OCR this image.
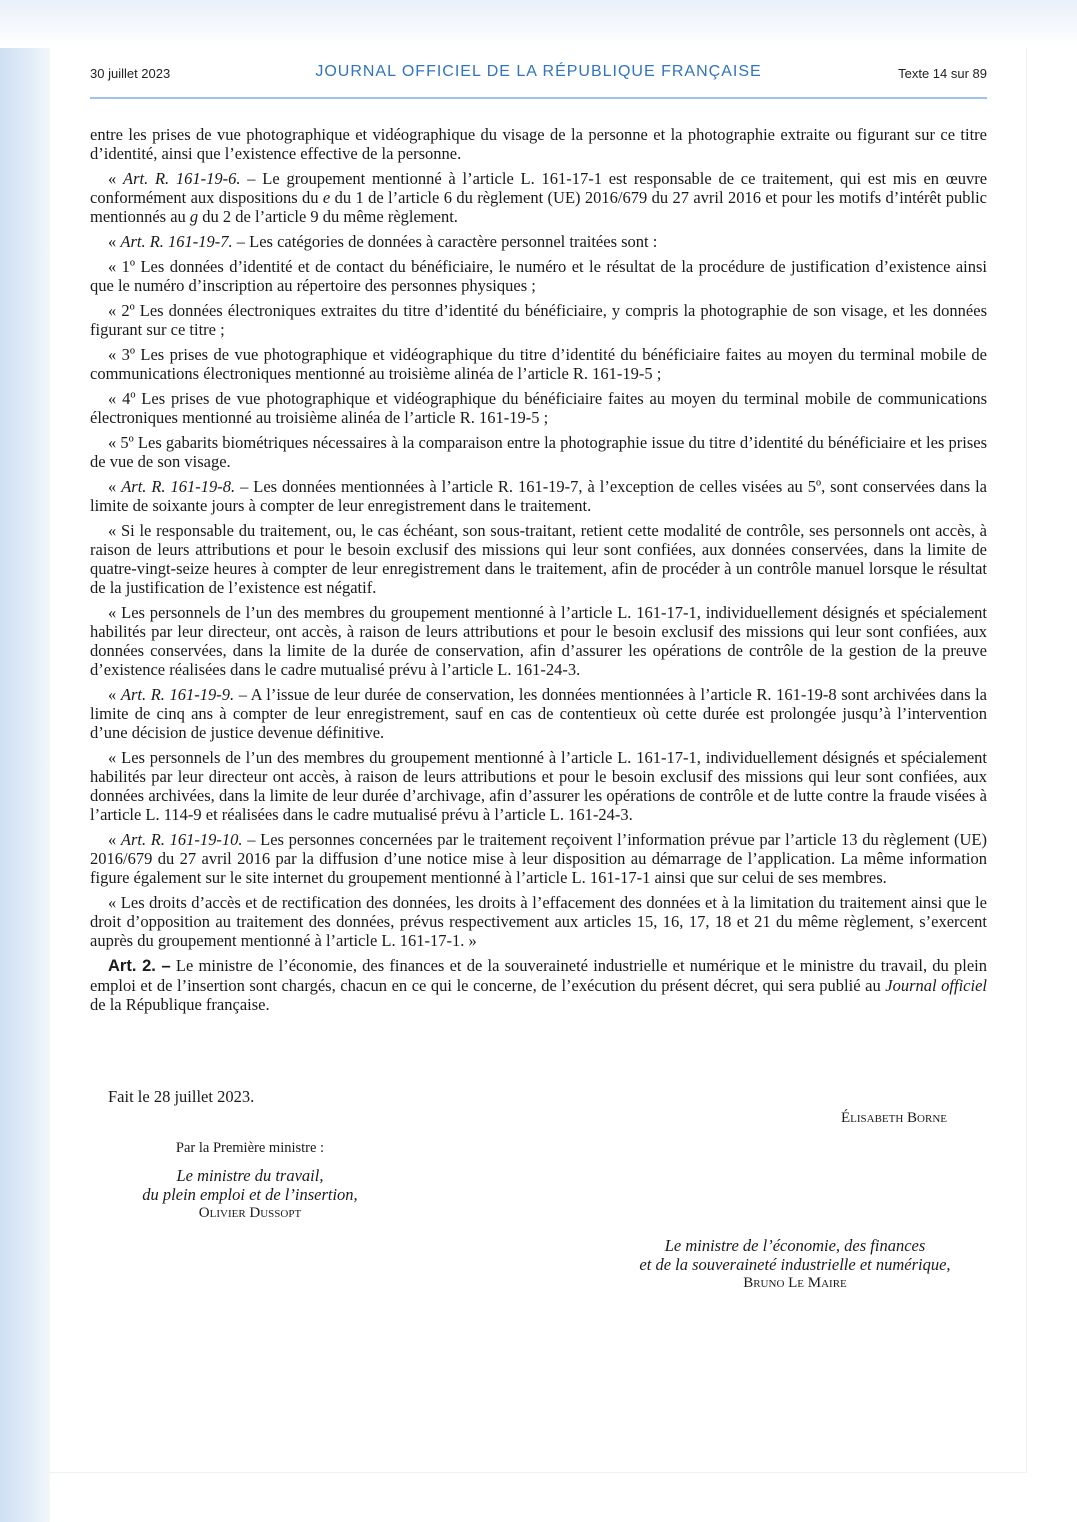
30 juillet 2023	JOURNAL OFFICIEL DE LA RÉPUBLIQUE FRANÇAISE	Texte 14 sur 89

entre les prises de vue photographique et vidéographique du visage de la personne et la photographie extraite ou figurant sur ce titre d’identité, ainsi que l’existence effective de la personne.

« Art. R. 161-19-6. – Le groupement mentionné à l’article L. 161-17-1 est responsable de ce traitement, qui est mis en œuvre conformément aux dispositions du e du 1 de l’article 6 du règlement (UE) 2016/679 du 27 avril 2016 et pour les motifs d’intérêt public mentionnés au g du 2 de l’article 9 du même règlement.

« Art. R. 161-19-7. – Les catégories de données à caractère personnel traitées sont :

« 1º Les données d’identité et de contact du bénéficiaire, le numéro et le résultat de la procédure de justification d’existence ainsi que le numéro d’inscription au répertoire des personnes physiques ;

« 2º Les données électroniques extraites du titre d’identité du bénéficiaire, y compris la photographie de son visage, et les données figurant sur ce titre ;

« 3º Les prises de vue photographique et vidéographique du titre d’identité du bénéficiaire faites au moyen du terminal mobile de communications électroniques mentionné au troisième alinéa de l’article R. 161-19-5 ;

« 4º Les prises de vue photographique et vidéographique du bénéficiaire faites au moyen du terminal mobile de communications électroniques mentionné au troisième alinéa de l’article R. 161-19-5 ;

« 5º Les gabarits biométriques nécessaires à la comparaison entre la photographie issue du titre d’identité du bénéficiaire et les prises de vue de son visage.

« Art. R. 161-19-8. – Les données mentionnées à l’article R. 161-19-7, à l’exception de celles visées au 5º, sont conservées dans la limite de soixante jours à compter de leur enregistrement dans le traitement.

« Si le responsable du traitement, ou, le cas échéant, son sous-traitant, retient cette modalité de contrôle, ses personnels ont accès, à raison de leurs attributions et pour le besoin exclusif des missions qui leur sont confiées, aux données conservées, dans la limite de quatre-vingt-seize heures à compter de leur enregistrement dans le traitement, afin de procéder à un contrôle manuel lorsque le résultat de la justification de l’existence est négatif.

« Les personnels de l’un des membres du groupement mentionné à l’article L. 161-17-1, individuellement désignés et spécialement habilités par leur directeur, ont accès, à raison de leurs attributions et pour le besoin exclusif des missions qui leur sont confiées, aux données conservées, dans la limite de la durée de conservation, afin d’assurer les opérations de contrôle de la gestion de la preuve d’existence réalisées dans le cadre mutualisé prévu à l’article L. 161-24-3.

« Art. R. 161-19-9. – A l’issue de leur durée de conservation, les données mentionnées à l’article R. 161-19-8 sont archivées dans la limite de cinq ans à compter de leur enregistrement, sauf en cas de contentieux où cette durée est prolongée jusqu’à l’intervention d’une décision de justice devenue définitive.

« Les personnels de l’un des membres du groupement mentionné à l’article L. 161-17-1, individuellement désignés et spécialement habilités par leur directeur ont accès, à raison de leurs attributions et pour le besoin exclusif des missions qui leur sont confiées, aux données archivées, dans la limite de leur durée d’archivage, afin d’assurer les opérations de contrôle et de lutte contre la fraude visées à l’article L. 114-9 et réalisées dans le cadre mutualisé prévu à l’article L. 161-24-3.

« Art. R. 161-19-10. – Les personnes concernées par le traitement reçoivent l’information prévue par l’article 13 du règlement (UE) 2016/679 du 27 avril 2016 par la diffusion d’une notice mise à leur disposition au démarrage de l’application. La même information figure également sur le site internet du groupement mentionné à l’article L. 161-17-1 ainsi que sur celui de ses membres.

« Les droits d’accès et de rectification des données, les droits à l’effacement des données et à la limitation du traitement ainsi que le droit d’opposition au traitement des données, prévus respectivement aux articles 15, 16, 17, 18 et 21 du même règlement, s’exercent auprès du groupement mentionné à l’article L. 161-17-1. »

Art. 2. – Le ministre de l’économie, des finances et de la souveraineté industrielle et numérique et le ministre du travail, du plein emploi et de l’insertion sont chargés, chacun en ce qui le concerne, de l’exécution du présent décret, qui sera publié au Journal officiel de la République française.

Fait le 28 juillet 2023.
Élisabeth Borne
Par la Première ministre :
Le ministre du travail,
du plein emploi et de l’insertion,
Olivier Dussopt
Le ministre de l’économie, des finances
et de la souveraineté industrielle et numérique,
Bruno Le Maire
